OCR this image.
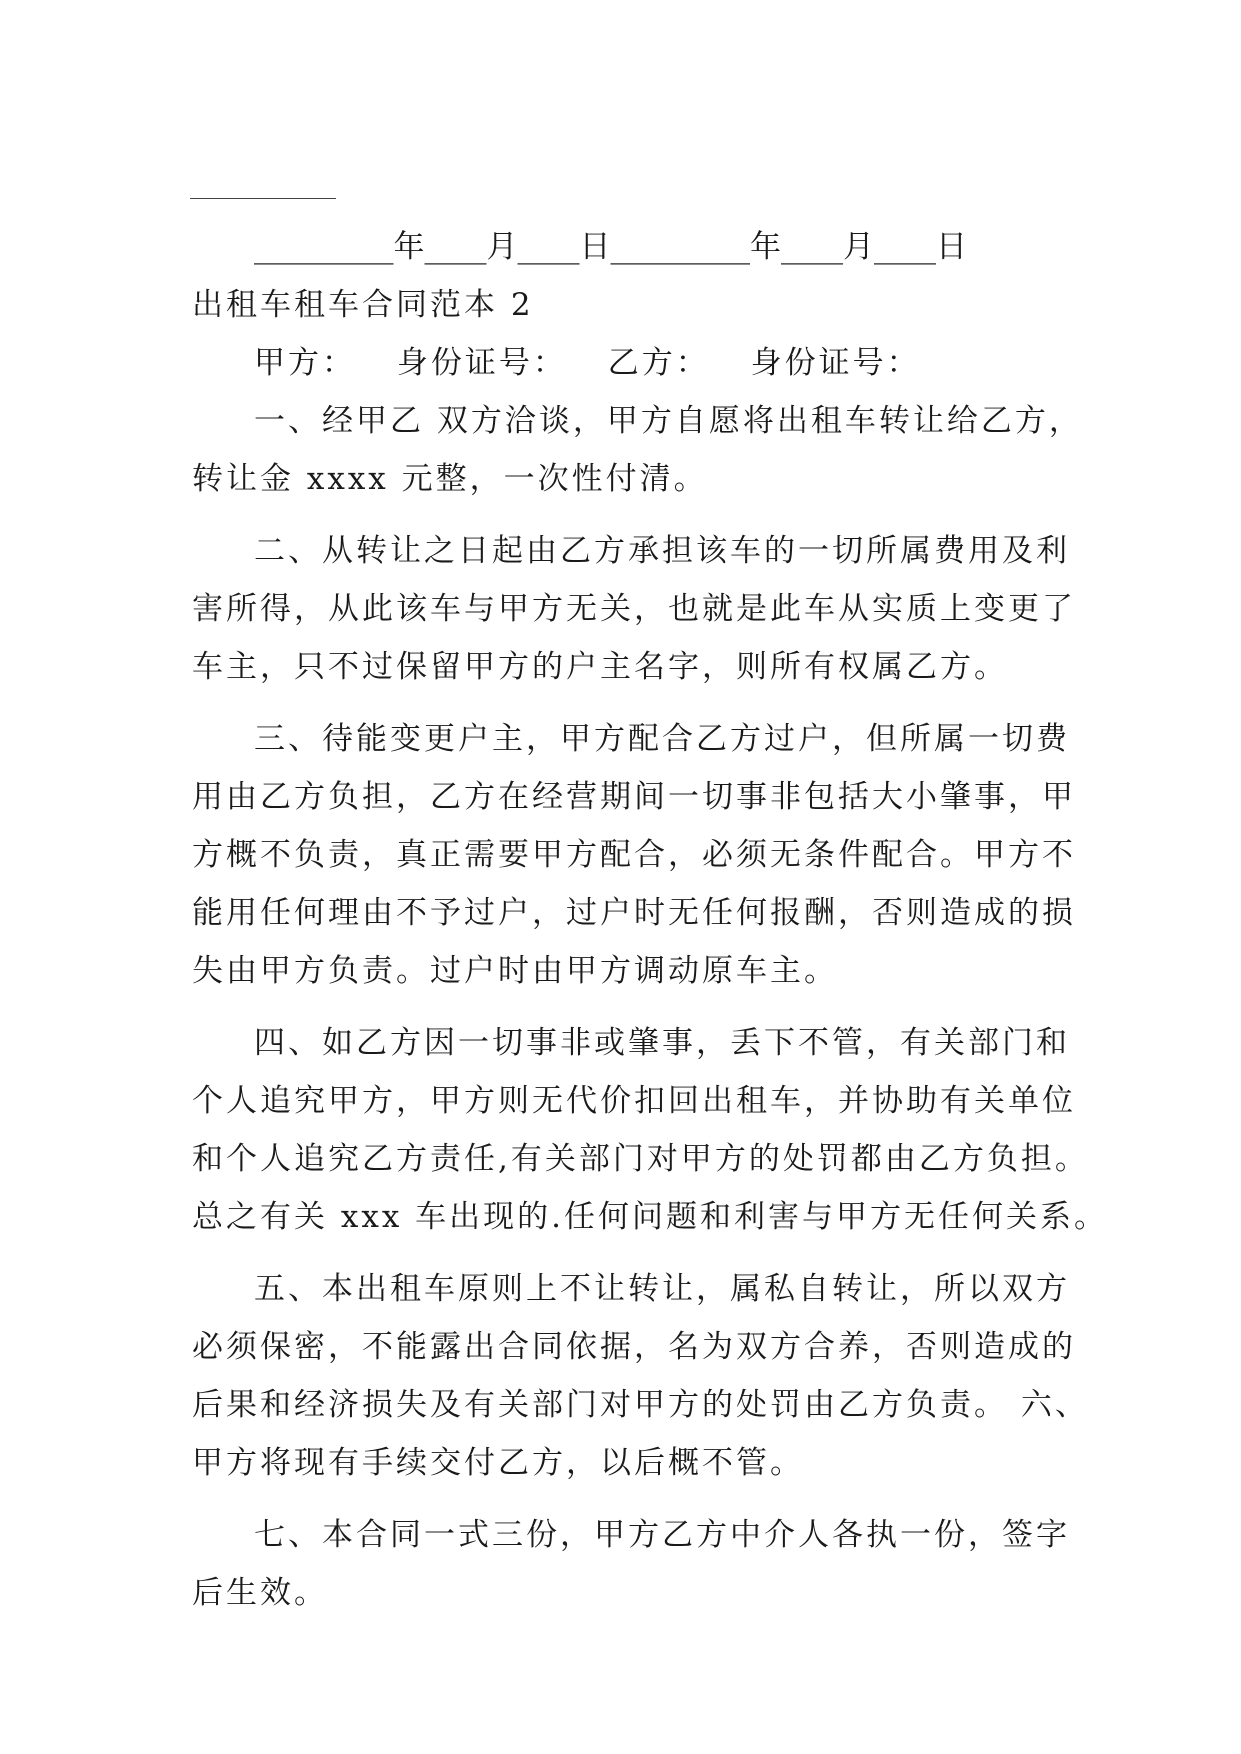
_________年____月____日_________年____月____日
出租车租车合同范本 2
甲方： 身份证号： 乙方： 身份证号：
一、经甲乙 双方洽谈，甲方自愿将出租车转让给乙方，
转让金 xxxx 元整，一次性付清。
二、从转让之日起由乙方承担该车的一切所属费用及利
害所得，从此该车与甲方无关，也就是此车从实质上变更了
车主，只不过保留甲方的户主名字，则所有权属乙方。
三、待能变更户主，甲方配合乙方过户，但所属一切费
用由乙方负担，乙方在经营期间一切事非包括大小肇事，甲
方概不负责，真正需要甲方配合，必须无条件配合。甲方不
能用任何理由不予过户，过户时无任何报酬，否则造成的损
失由甲方负责。过户时由甲方调动原车主。
四、如乙方因一切事非或肇事，丢下不管，有关部门和
个人追究甲方，甲方则无代价扣回出租车，并协助有关单位
和个人追究乙方责任,有关部门对甲方的处罚都由乙方负担。
总之有关 xxx 车出现的.任何问题和利害与甲方无任何关系。
五、本出租车原则上不让转让，属私自转让，所以双方
必须保密，不能露出合同依据，名为双方合养，否则造成的
后果和经济损失及有关部门对甲方的处罚由乙方负责。 六、
甲方将现有手续交付乙方，以后概不管。
七、本合同一式三份，甲方乙方中介人各执一份，签字
后生效。
